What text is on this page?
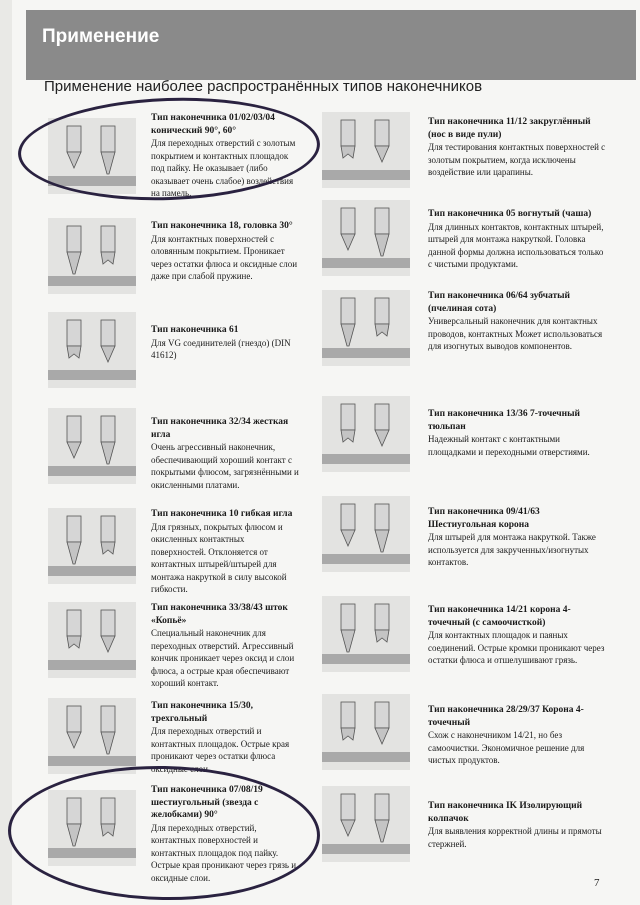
Применение
Применение наиболее распространённых типов наконечников
Тип наконечника 01/02/03/04 конический 90°, 60°
Для переходных отверстий с золотым покрытием и контактных площадок под пайку. Не оказывает (либо оказывает очень слабое) воздействия на памель.
Тип наконечника 18, головка 30°
Для контактных поверхностей с оловянным покрытием. Проникает через остатки флюса и оксидные слои даже при слабой пружине.
Тип наконечника 61
Для VG соединителей (гнездо) (DIN 41612)
Тип наконечника 32/34 жесткая игла
Очень агрессивный наконечник, обеспечивающий хороший контакт с покрытыми флюсом, загрязнёнными и окисленными платами.
Тип наконечника 10 гибкая игла
Для грязных, покрытых флюсом и окисленных контактных поверхностей. Отклоняется от контактных штырей/штырей для монтажа накруткой в силу высокой гибкости.
Тип наконечника 33/38/43 шток «Копьё»
Специальный наконечник для переходных отверстий. Агрессивный кончик проникает через оксид и слои флюса, а острые края обеспечивают хороший контакт.
Тип наконечника 15/30, трехгольный
Для переходных отверстий и контактных площадок. Острые края проникают через остатки флюса оксидные слои.
Тип наконечника 07/08/19 шестиугольный (звезда с желобками) 90°
Для переходных отверстий, контактных поверхностей и контактных площадок под пайку. Острые края проникают через грязь и оксидные слои.
Тип наконечника 11/12 закруглённый (нос в виде пули)
Для тестирования контактных поверхностей с золотым покрытием, когда исключены воздействие или царапины.
Тип наконечника 05 вогнутый (чаша)
Для длинных контактов, контактных штырей, штырей для монтажа накруткой. Головка данной формы должна использоваться только с чистыми продуктами.
Тип наконечника 06/64 зубчатый (пчелиная сота)
Универсальный наконечник для контактных проводов, контактных Может использоваться для изогнутых выводов компонентов.
Тип наконечника 13/36 7-точечный тюльпан
Надежный контакт с контактными площадками и переходными отверстиями.
Тип наконечника 09/41/63 Шестиугольная корона
Для штырей для монтажа накруткой. Также используется для закрученных/изогнутых контактов.
Тип наконечника 14/21 корона 4-точечный (с самоочисткой)
Для контактных площадок и паяных соединений. Острые кромки проникают через остатки флюса и отшелушивают грязь.
Тип наконечника 28/29/37 Корона 4-точечный
Схож с наконечником 14/21, но без самоочистки. Экономичное решение для чистых продуктов.
Тип наконечника IK Изолирующий колпачок
Для выявления корректной длины и прямоты стержней.
7
